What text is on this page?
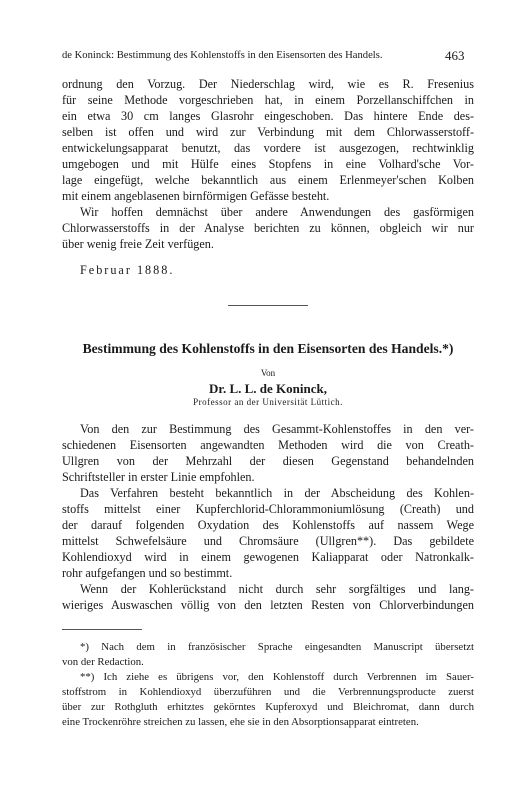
de Koninck: Bestimmung des Kohlenstoffs in den Eisensorten des Handels.	463
ordnung den Vorzug. Der Niederschlag wird, wie es R. Fresenius
für seine Methode vorgeschrieben hat, in einem Porzellanschiffchen in
ein etwa 30 cm langes Glasrohr eingeschoben. Das hintere Ende des-
selben ist offen und wird zur Verbindung mit dem Chlorwasserstoff-
entwickelungsapparat benutzt, das vordere ist ausgezogen, rechtwinklig
umgebogen und mit Hülfe eines Stopfens in eine Volhard'sche Vor-
lage eingefügt, welche bekanntlich aus einem Erlenmeyer'schen Kolben
mit einem angeblasenen birnförmigen Gefässe besteht.
Wir hoffen demnächst über andere Anwendungen des gasförmigen
Chlorwasserstoffs in der Analyse berichten zu können, obgleich wir nur
über wenig freie Zeit verfügen.
Februar 1888.
Bestimmung des Kohlenstoffs in den Eisensorten des Handels.*)
Von
Dr. L. L. de Koninck,
Professor an der Universität Lüttich.
Von den zur Bestimmung des Gesammt-Kohlenstoffes in den ver-
schiedenen Eisensorten angewandten Methoden wird die von Creath-
Ullgren von der Mehrzahl der diesen Gegenstand behandelnden
Schriftsteller in erster Linie empfohlen.
Das Verfahren besteht bekanntlich in der Abscheidung des Kohlen-
stoffs mittelst einer Kupferchlorid-Chlorammoniumlösung (Creath) und
der darauf folgenden Oxydation des Kohlenstoffs auf nassem Wege
mittelst Schwefelsäure und Chromsäure (Ullgren**). Das gebildete
Kohlendioxyd wird in einem gewogenen Kaliapparat oder Natronkalk-
rohr aufgefangen und so bestimmt.
Wenn der Kohlerückstand nicht durch sehr sorgfältiges und lang-
wieriges Auswaschen völlig von den letzten Resten von Chlorverbindungen
*) Nach dem in französischer Sprache eingesandten Manuscript übersetzt
von der Redaction.
**) Ich ziehe es übrigens vor, den Kohlenstoff durch Verbrennen im Sauer-
stoffstrom in Kohlendioxyd überzuführen und die Verbrennungsproducte zuerst
über zur Rothgluth erhitztes gekörntes Kupferoxyd und Bleichromat, dann durch
eine Trockenröhre streichen zu lassen, ehe sie in den Absorptionsapparat eintreten.
